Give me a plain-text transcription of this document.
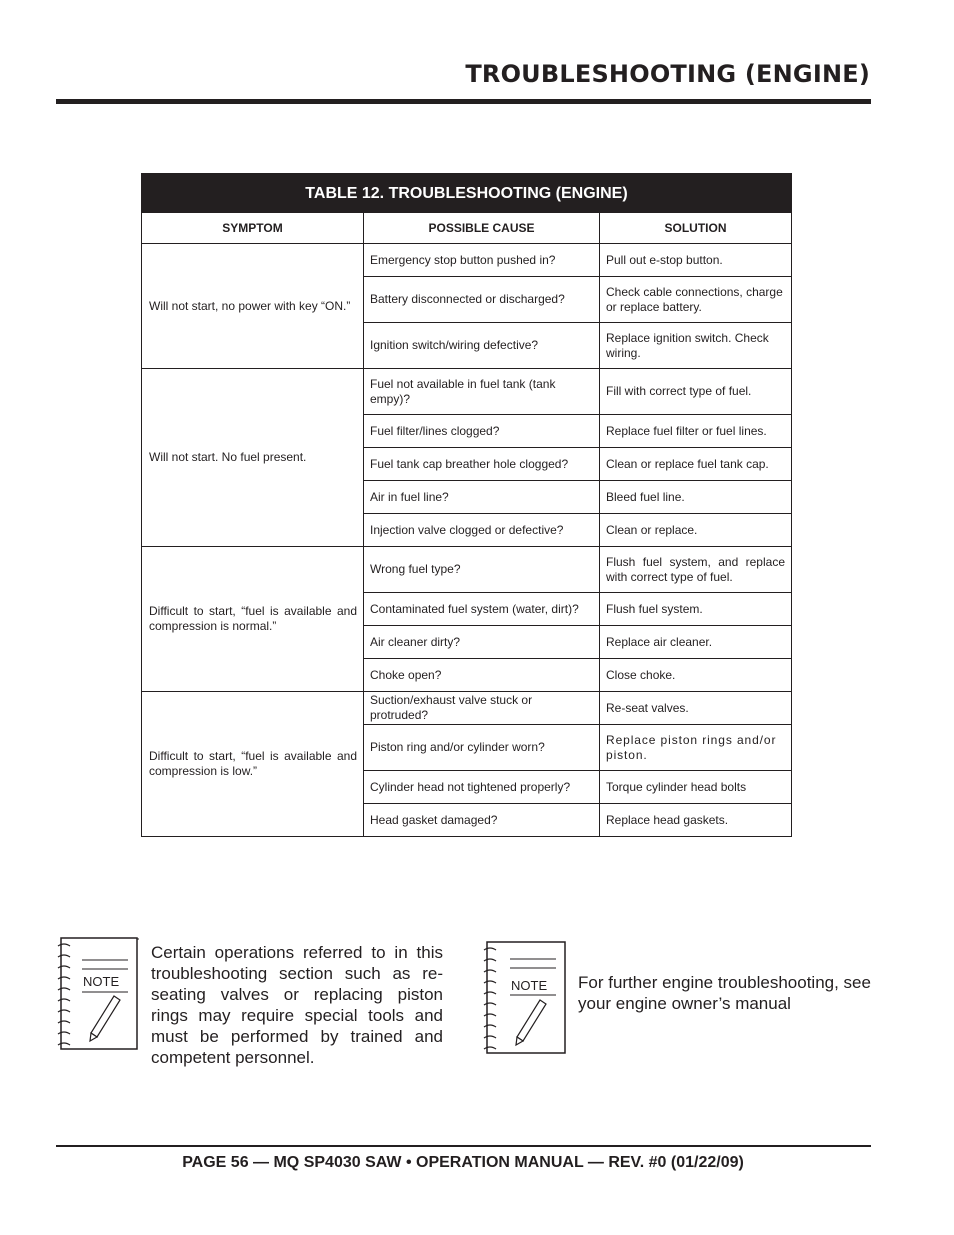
TROUBLESHOOTING (ENGINE)
TABLE 12. TROUBLESHOOTING (ENGINE)		
SYMPTOM	POSSIBLE CAUSE	SOLUTION
Will not start, no power with key “ON.”	Emergency stop button pushed in?	Pull out e-stop button.
	Battery disconnected or discharged?	Check cable connections, charge or replace battery.
	Ignition switch/wiring defective?	Replace ignition switch. Check wiring.
Will not start. No fuel present.	Fuel not available in fuel tank (tank empy)?	Fill with correct type of fuel.
	Fuel filter/lines clogged?	Replace fuel filter or fuel lines.
	Fuel tank cap breather hole clogged?	Clean or replace fuel tank cap.
	Air in fuel line?	Bleed fuel line.
	Injection valve clogged or defective?	Clean or replace.
Difficult to start, “fuel is available and compression is normal.”	Wrong fuel type?	Flush fuel system, and replace with correct type of fuel.
	Contaminated fuel system (water, dirt)?	Flush fuel system.
	Air cleaner dirty?	Replace air cleaner.
	Choke open?	Close choke.
Difficult to start, “fuel is available and compression is low.”	Suction/exhaust valve stuck or protruded?	Re-seat valves.
	Piston ring and/or cylinder worn?	Replace piston rings and/or piston.
	Cylinder head not tightened properly?	Torque cylinder head bolts
	Head gasket damaged?	Replace head gaskets.
NOTE
Certain operations referred to in this troubleshooting section such as re-seating valves or replacing piston rings may require special tools and must be performed by trained and competent personnel.
NOTE For further engine troubleshooting, see your engine owner’s manual
PAGE 56 — MQ SP4030 SAW • OPERATION MANUAL — REV. #0 (01/22/09)
